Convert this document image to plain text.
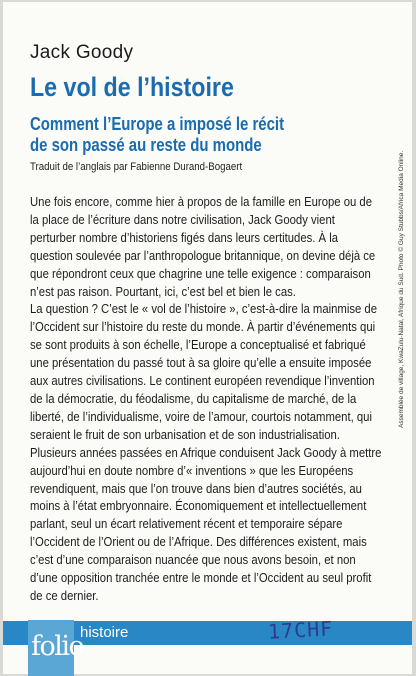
Jack Goody
Le vol de l’histoire
Comment l’Europe a imposé le récit
de son passé au reste du monde
Traduit de l’anglais par Fabienne Durand-Bogaert

Une fois encore, comme hier à propos de la famille en Europe ou de la place de l’écriture dans notre civilisation, Jack Goody vient perturber nombre d’historiens figés dans leurs certitudes. À la question soulevée par l’anthropologue britannique, on devine déjà ce que répondront ceux que chagrine une telle exigence : comparaison n’est pas raison. Pourtant, ici, c’est bel et bien le cas.

La question ? C’est le « vol de l’histoire », c’est-à-dire la mainmise de l’Occident sur l’histoire du reste du monde. À partir d’événements qui se sont produits à son échelle, l’Europe a conceptualisé et fabriqué une présentation du passé tout à sa gloire qu’elle a ensuite imposée aux autres civilisations. Le continent européen revendique l’invention de la démocratie, du féodalisme, du capitalisme de marché, de la liberté, de l’individualisme, voire de l’amour, courtois notamment, qui seraient le fruit de son urbanisation et de son industrialisation.

Plusieurs années passées en Afrique conduisent Jack Goody à mettre aujourd’hui en doute nombre d’« inventions » que les Européens revendiquent, mais que l’on trouve dans bien d’autres sociétés, au moins à l’état embryonnaire. Économiquement et intellectuellement parlant, seul un écart relativement récent et temporaire sépare l’Occident de l’Orient ou de l’Afrique. Des différences existent, mais c’est d’une comparaison nuancée que nous avons besoin, et non d’une opposition tranchée entre le monde et l’Occident au seul profit de ce dernier.

Assemblée de village, KwaZulu-Natal, Afrique du Sud. Photo © Guy Stubbs/Africa Media Online.
folio
histoire	17CHF
